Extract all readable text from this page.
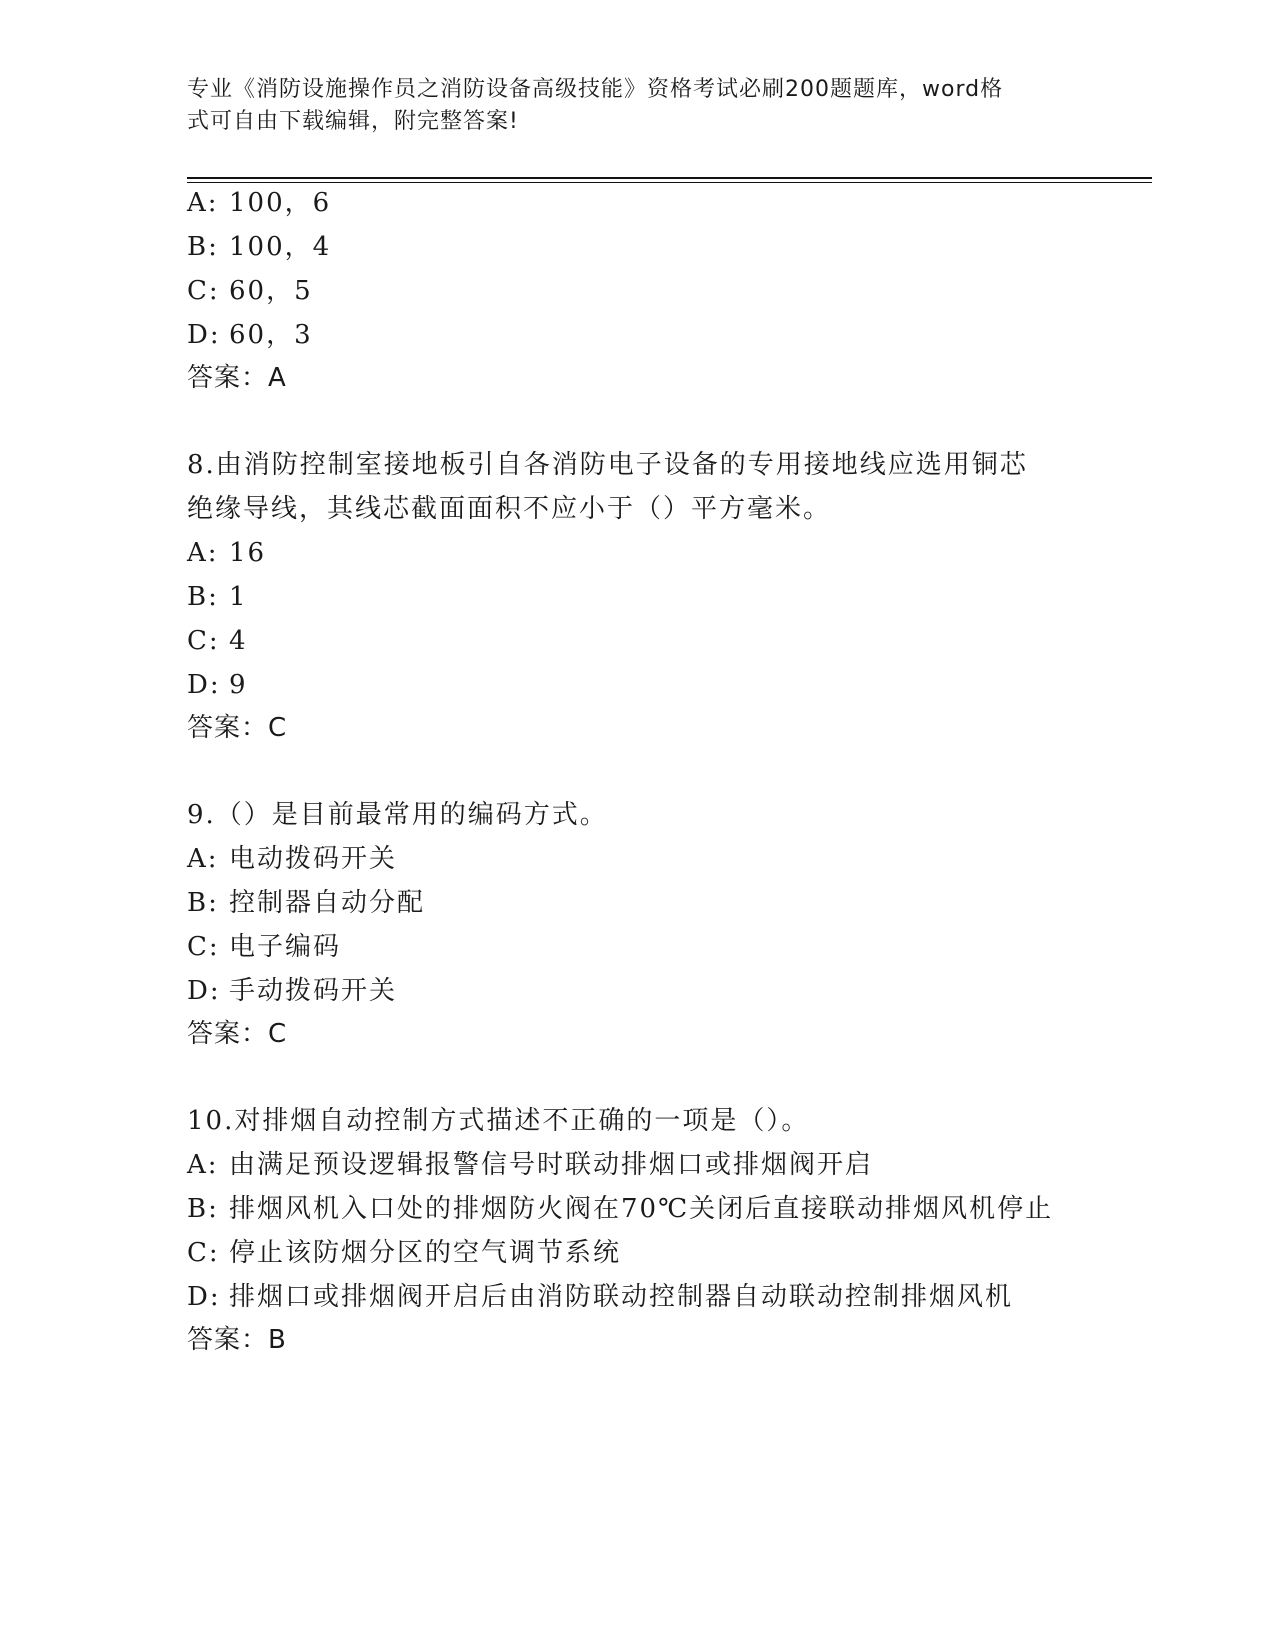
专业《消防设施操作员之消防设备高级技能》资格考试必刷200题题库，word格
式可自由下载编辑，附完整答案!
A: 100，6
B: 100，4
C: 60，5
D: 60，3
答案：A
8.由消防控制室接地板引自各消防电子设备的专用接地线应选用铜芯
绝缘导线，其线芯截面面积不应小于（）平方毫米。
A: 16
B: 1
C: 4
D: 9
答案：C
9.（）是目前最常用的编码方式。
A: 电动拨码开关
B: 控制器自动分配
C: 电子编码
D: 手动拨码开关
答案：C
10.对排烟自动控制方式描述不正确的一项是（）。
A: 由满足预设逻辑报警信号时联动排烟口或排烟阀开启
B: 排烟风机入口处的排烟防火阀在70℃关闭后直接联动排烟风机停止
C: 停止该防烟分区的空气调节系统
D: 排烟口或排烟阀开启后由消防联动控制器自动联动控制排烟风机
答案：B
